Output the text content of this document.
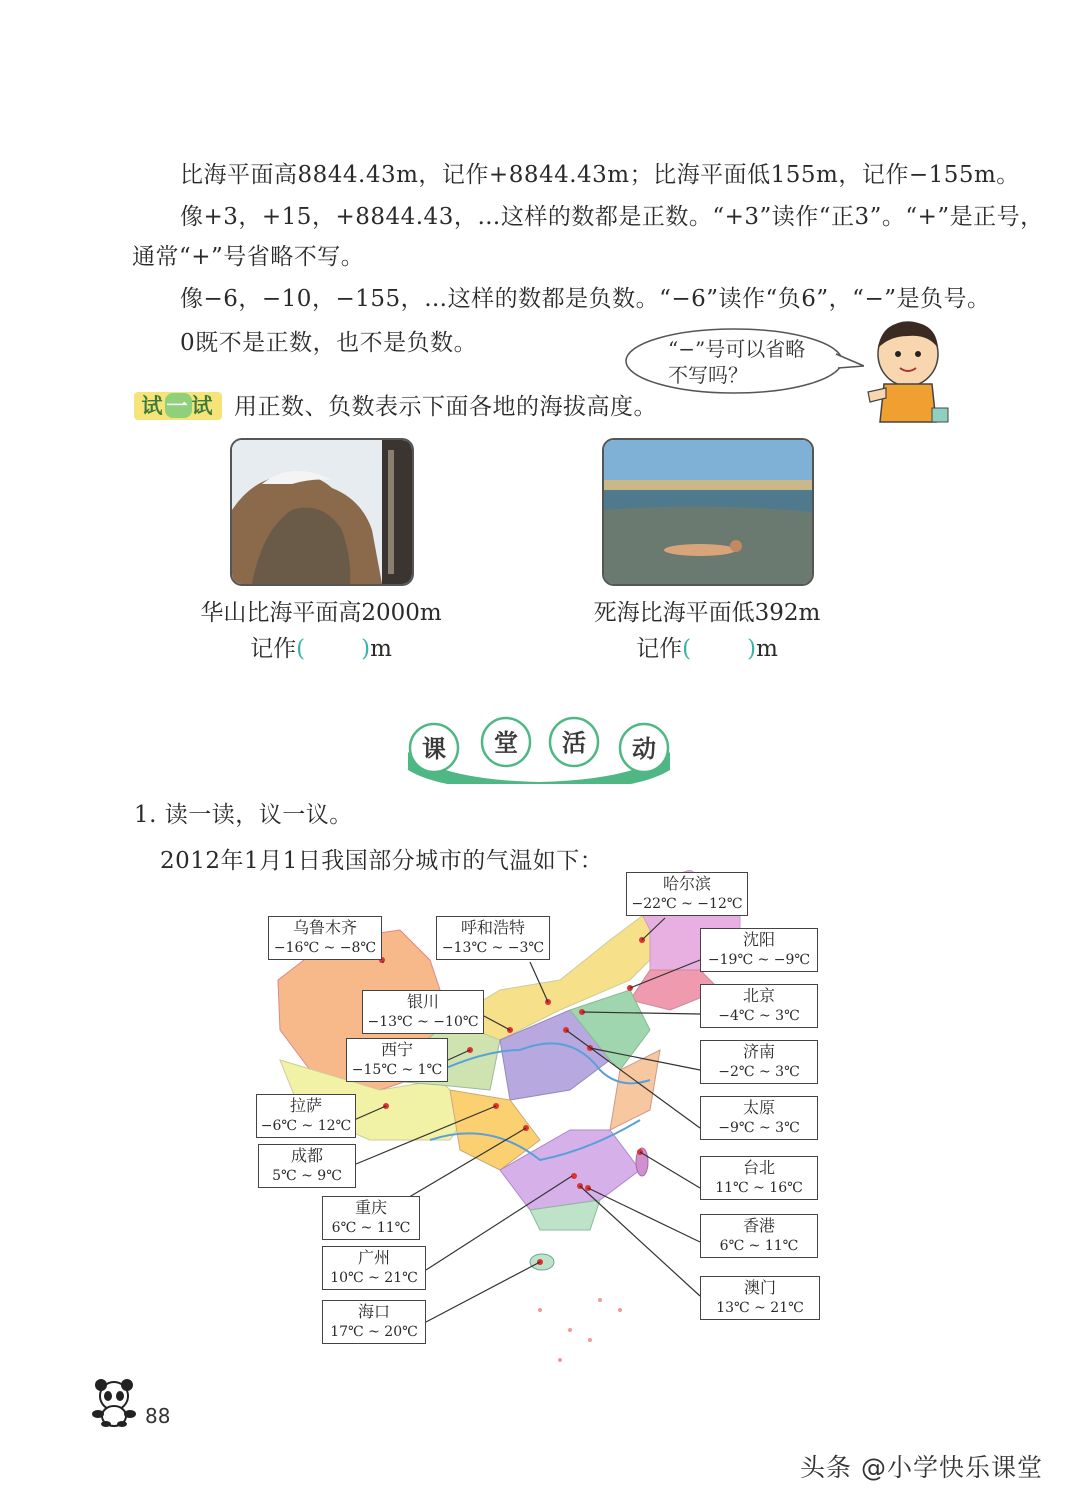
比海平面高8844.43m，记作+8844.43m；比海平面低155m，记作−155m。
像+3，+15，+8844.43，…这样的数都是正数。“+3”读作“正3”。“+”是正号，
通常“+”号省略不写。
像−6，−10，−155，…这样的数都是负数。“−6”读作“负6”，“−”是负号。
0既不是正数，也不是负数。	“−”号可以省略
不写吗？
试一试 用正数、负数表示下面各地的海拔高度。
华山比海平面高2000m
记作( )m
死海比海平面低392m
记作( )m
课 堂 活 动
1. 读一读，议一议。
2012年1月1日我国部分城市的气温如下：
哈尔滨
−22℃ ~ −12℃
乌鲁木齐
−16℃ ~ −8℃
呼和浩特
−13℃ ~ −3℃	沈阳
−19℃ ~ −9℃
银川
−13℃ ~ −10℃
北京
−4℃ ~ 3℃
西宁
−15℃ ~ 1℃
济南
−2℃ ~ 3℃
拉萨
−6℃ ~ 12℃
太原
−9℃ ~ 3℃
成都
5℃ ~ 9℃	台北
11℃ ~ 16℃
重庆
6℃ ~ 11℃	香港
6℃ ~ 11℃
广州
10℃ ~ 21℃	澳门
13℃ ~ 21℃
海口
17℃ ~ 20℃
88
头条 @小学快乐课堂
